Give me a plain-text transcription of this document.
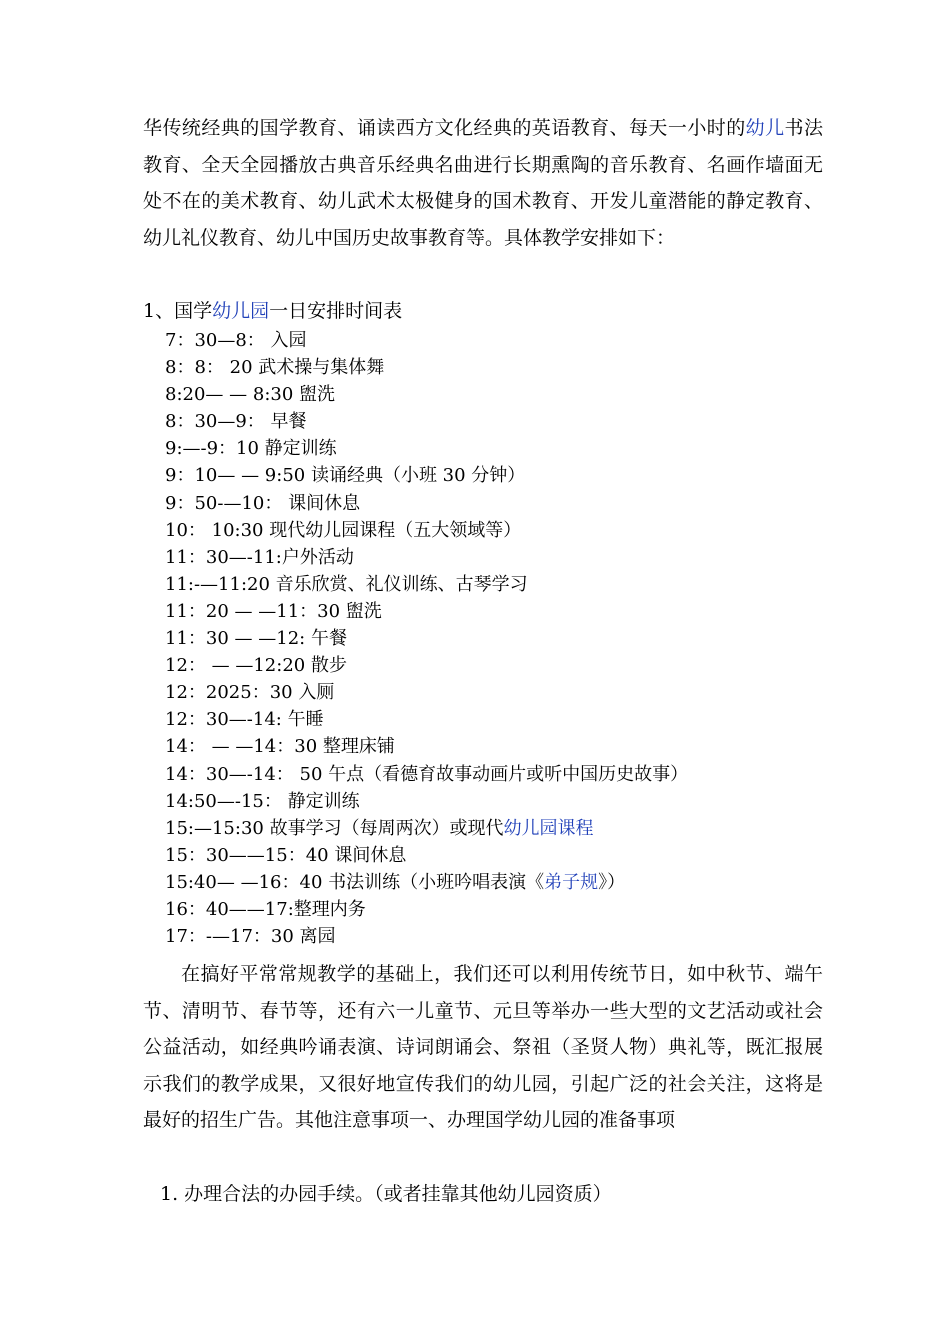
华传统经典的国学教育、诵读西方文化经典的英语教育、每天一小时的幼儿书法教育、全天全园播放古典音乐经典名曲进行长期熏陶的音乐教育、名画作墙面无处不在的美术教育、幼儿武术太极健身的国术教育、开发儿童潜能的静定教育、幼儿礼仪教育、幼儿中国历史故事教育等。具体教学安排如下：

1、国学幼儿园一日安排时间表

7：30—8： 入园
8：8： 20 武术操与集体舞
8:20— — 8:30 盥洗
8：30—9： 早餐
9:—-9：10 静定训练
9：10— — 9:50 读诵经典（小班 30 分钟）
9：50-—10： 课间休息
10： 10:30 现代幼儿园课程（五大领域等）
11：30—-11:户外活动
11:-—11:20 音乐欣赏、礼仪训练、古琴学习
11：20 — —11：30 盥洗
11：30 — —12: 午餐
12： — —12:20 散步
12：2025：30 入厕
12：30—-14: 午睡
14： — —14：30 整理床铺
14：30—-14： 50 午点（看德育故事动画片或听中国历史故事）
14:50—-15： 静定训练
15:—15:30 故事学习（每周两次）或现代幼儿园课程
15：30——15：40 课间休息
15:40— —16：40 书法训练（小班吟唱表演《弟子规》）
16：40——17:整理内务
17：-—17：30 离园

在搞好平常常规教学的基础上，我们还可以利用传统节日，如中秋节、端午节、清明节、春节等，还有六一儿童节、元旦等举办一些大型的文艺活动或社会公益活动，如经典吟诵表演、诗词朗诵会、祭祖（圣贤人物）典礼等，既汇报展示我们的教学成果，又很好地宣传我们的幼儿园，引起广泛的社会关注，这将是最好的招生广告。其他注意事项一、办理国学幼儿园的准备事项

1. 办理合法的办园手续。（或者挂靠其他幼儿园资质）
